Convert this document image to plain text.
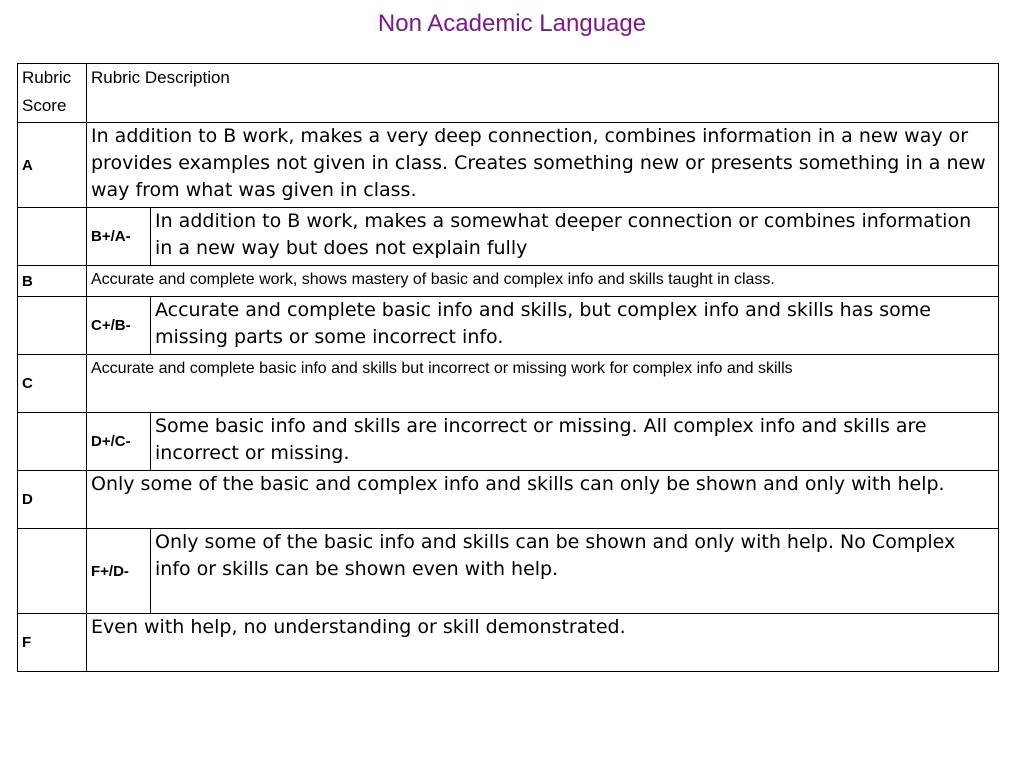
Non Academic Language
Rubric Score	Rubric Description	
A	In addition to B work, makes a very deep connection, combines information in a new way or provides examples not given in class. Creates something new or presents something in a new way from what was given in class.	
	B+/A-	In addition to B work, makes a somewhat deeper connection or combines information in a new way but does not explain fully
B	Accurate and complete work, shows mastery of basic and complex info and skills taught in class.	
	C+/B-	Accurate and complete basic info and skills, but complex info and skills has some missing parts or some incorrect info.
C	Accurate and complete basic info and skills but incorrect or missing work for complex info and skills	
	D+/C-	Some basic info and skills are incorrect or missing. All complex info and skills are incorrect or missing.
D	Only some of the basic and complex info and skills can only be shown and only with help.	
	F+/D-	Only some of the basic info and skills can be shown and only with help. No Complex info or skills can be shown even with help.
F	Even with help, no understanding or skill demonstrated.	
